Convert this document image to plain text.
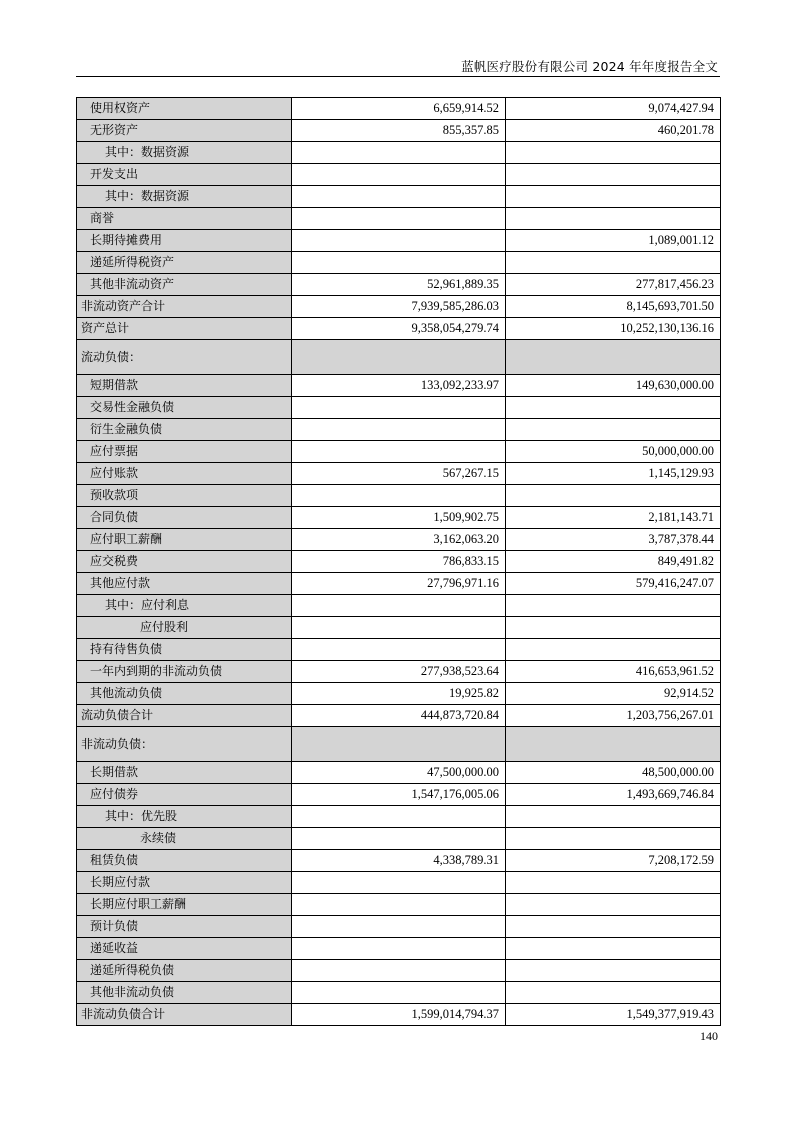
蓝帆医疗股份有限公司 2024 年年度报告全文
使用权资产	6,659,914.52	9,074,427.94
无形资产	855,357.85	460,201.78
其中：数据资源		
开发支出		
其中：数据资源		
商誉		
长期待摊费用		1,089,001.12
递延所得税资产		
其他非流动资产	52,961,889.35	277,817,456.23
非流动资产合计	7,939,585,286.03	8,145,693,701.50
资产总计	9,358,054,279.74	10,252,130,136.16
流动负债：		
短期借款	133,092,233.97	149,630,000.00
交易性金融负债		
衍生金融负债		
应付票据		50,000,000.00
应付账款	567,267.15	1,145,129.93
预收款项		
合同负债	1,509,902.75	2,181,143.71
应付职工薪酬	3,162,063.20	3,787,378.44
应交税费	786,833.15	849,491.82
其他应付款	27,796,971.16	579,416,247.07
其中：应付利息		
应付股利		
持有待售负债		
一年内到期的非流动负债	277,938,523.64	416,653,961.52
其他流动负债	19,925.82	92,914.52
流动负债合计	444,873,720.84	1,203,756,267.01
非流动负债：		
长期借款	47,500,000.00	48,500,000.00
应付债券	1,547,176,005.06	1,493,669,746.84
其中：优先股		
永续债		
租赁负债	4,338,789.31	7,208,172.59
长期应付款		
长期应付职工薪酬		
预计负债		
递延收益		
递延所得税负债		
其他非流动负债		
非流动负债合计	1,599,014,794.37	1,549,377,919.43
140
